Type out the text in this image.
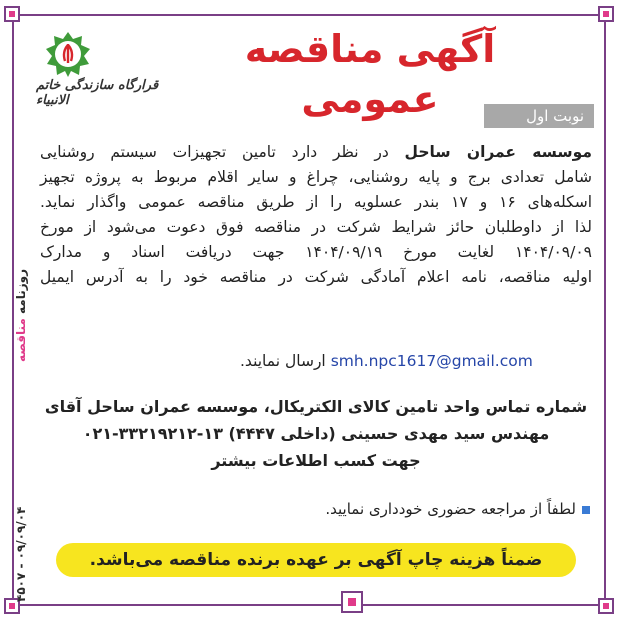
روزنامه مناقصه
۴۵۰۷ - ۰۹/۰۹/۰۴
آگهی مناقصه عمومی
قرارگاه سازندگی خاتم الانبیاء
نوبت اول
موسسه عمران ساحل در نظر دارد تامین تجهیزات سیستم روشنایی
شامل تعدادی برج و پایه روشنایی، چراغ و سایر اقلام مربوط به پروژه تجهیز
اسکله‌های ۱۶ و ۱۷ بندر عسلویه را از طریق مناقصه عمومی واگذار نماید.
لذا از داوطلبان حائز شرایط شرکت در مناقصه فوق دعوت می‌شود از مورخ
۱۴۰۴/۰۹/۰۹ لغایت مورخ ۱۴۰۴/۰۹/۱۹ جهت دریافت اسناد و مدارک
اولیه مناقصه، نامه اعلام آمادگی شرکت در مناقصه خود را به آدرس ایمیل
smh.npc1617@gmail.com ارسال نمایند.
شماره تماس واحد تامین کالای الکتریکال، موسسه عمران ساحل آقای
مهندس سید مهدی حسینی (داخلی ۴۴۴۷) ۱۳-۳۳۲۱۹۲۱۲-۰۲۱
جهت کسب اطلاعات بیشتر
لطفاً از مراجعه حضوری خودداری نمایید.
ضمناً هزینه چاپ آگهی بر عهده برنده مناقصه می‌باشد.
